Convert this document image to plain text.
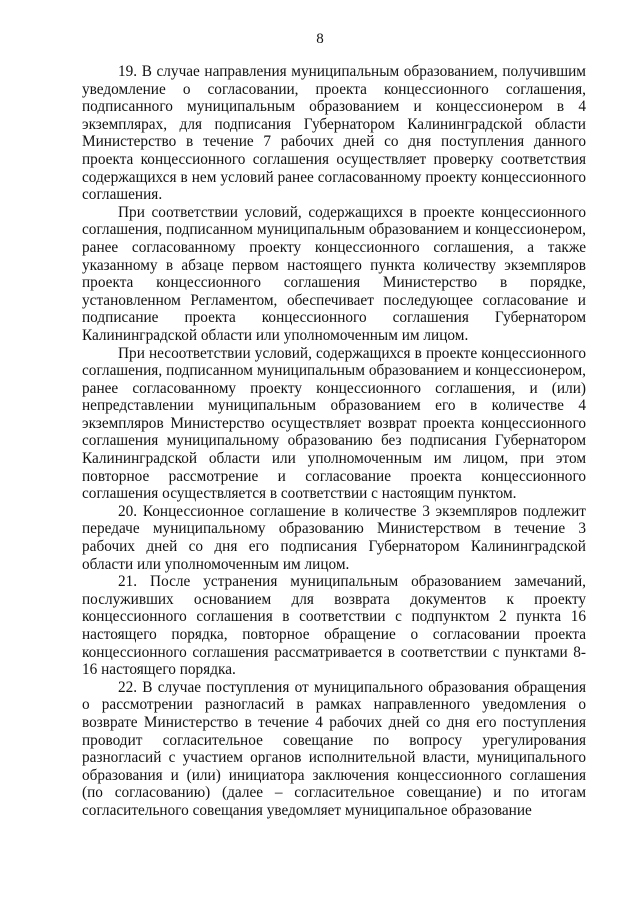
8

19. В случае направления муниципальным образованием, получившим уведомление о согласовании, проекта концессионного соглашения, подписанного муниципальным образованием и концессионером в 4 экземплярах, для подписания Губернатором Калининградской области Министерство в течение 7 рабочих дней со дня поступления данного проекта концессионного соглашения осуществляет проверку соответствия содержащихся в нем условий ранее согласованному проекту концессионного соглашения.

При соответствии условий, содержащихся в проекте концессионного соглашения, подписанном муниципальным образованием и концессионером, ранее согласованному проекту концессионного соглашения, а также указанному в абзаце первом настоящего пункта количеству экземпляров проекта концессионного соглашения Министерство в порядке, установленном Регламентом, обеспечивает последующее согласование и подписание проекта концессионного соглашения Губернатором Калининградской области или уполномоченным им лицом.

При несоответствии условий, содержащихся в проекте концессионного соглашения, подписанном муниципальным образованием и концессионером, ранее согласованному проекту концессионного соглашения, и (или) непредставлении муниципальным образованием его в количестве 4 экземпляров Министерство осуществляет возврат проекта концессионного соглашения муниципальному образованию без подписания Губернатором Калининградской области или уполномоченным им лицом, при этом повторное рассмотрение и согласование проекта концессионного соглашения осуществляется в соответствии с настоящим пунктом.

20. Концессионное соглашение в количестве 3 экземпляров подлежит передаче муниципальному образованию Министерством в течение 3 рабочих дней со дня его подписания Губернатором Калининградской области или уполномоченным им лицом.

21. После устранения муниципальным образованием замечаний, послуживших основанием для возврата документов к проекту концессионного соглашения в соответствии с подпунктом 2 пункта 16 настоящего порядка, повторное обращение о согласовании проекта концессионного соглашения рассматривается в соответствии с пунктами 8-16 настоящего порядка.

22. В случае поступления от муниципального образования обращения о рассмотрении разногласий в рамках направленного уведомления о возврате Министерство в течение 4 рабочих дней со дня его поступления проводит согласительное совещание по вопросу урегулирования разногласий с участием органов исполнительной власти, муниципального образования и (или) инициатора заключения концессионного соглашения (по согласованию) (далее – согласительное совещание) и по итогам согласительного совещания уведомляет муниципальное образование
